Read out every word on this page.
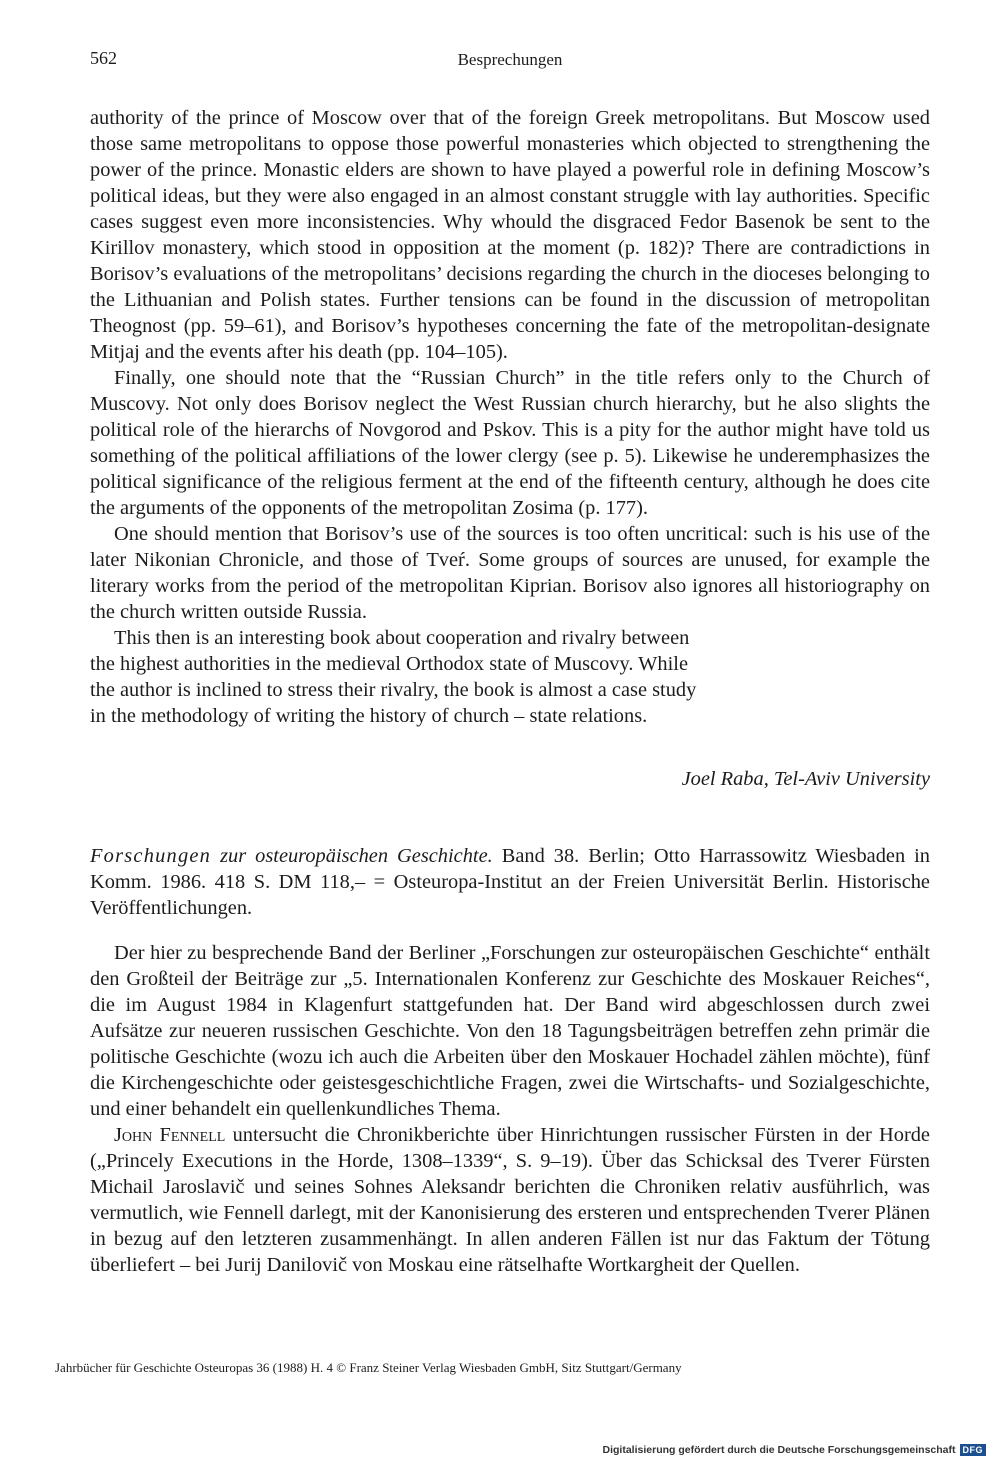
562	Besprechungen

authority of the prince of Moscow over that of the foreign Greek metropolitans. But Moscow used those same metropolitans to oppose those powerful monasteries which objected to strengthening the power of the prince. Monastic elders are shown to have played a powerful role in defining Moscow’s political ideas, but they were also engaged in an almost constant struggle with lay authorities. Specific cases suggest even more inconsistencies. Why whould the disgraced Fedor Basenok be sent to the Kirillov monastery, which stood in opposition at the moment (p. 182)? There are contradictions in Borisov’s evaluations of the metropolitans’ decisions regarding the church in the dioceses belonging to the Lithuanian and Polish states. Further tensions can be found in the discussion of metropolitan Theognost (pp. 59–61), and Borisov’s hypotheses concerning the fate of the metropolitan-designate Mitjaj and the events after his death (pp. 104–105).

Finally, one should note that the “Russian Church” in the title refers only to the Church of Muscovy. Not only does Borisov neglect the West Russian church hierarchy, but he also slights the political role of the hierarchs of Novgorod and Pskov. This is a pity for the author might have told us something of the political affiliations of the lower clergy (see p. 5). Likewise he underemphasizes the political significance of the religious ferment at the end of the fifteenth century, although he does cite the arguments of the opponents of the metropolitan Zosima (p. 177).

One should mention that Borisov’s use of the sources is too often uncritical: such is his use of the later Nikonian Chronicle, and those of Tveŕ. Some groups of sources are unused, for example the literary works from the period of the metropolitan Kiprian. Borisov also ignores all historiography on the church written outside Russia.

This then is an interesting book about cooperation and rivalry between the highest authorities in the medieval Orthodox state of Muscovy. While the author is inclined to stress their rivalry, the book is almost a case study in the methodology of writing the history of church – state relations.

Joel Raba, Tel-Aviv University
Forschungen zur osteuropäischen Geschichte. Band 38. Berlin; Otto Harrassowitz Wiesbaden in Komm. 1986. 418 S. DM 118,– = Osteuropa-Institut an der Freien Universität Berlin. Historische Veröffentlichungen.

Der hier zu besprechende Band der Berliner „Forschungen zur osteuropäischen Geschichte“ enthält den Großteil der Beiträge zur „5. Internationalen Konferenz zur Geschichte des Moskauer Reiches“, die im August 1984 in Klagenfurt stattgefunden hat. Der Band wird abgeschlossen durch zwei Aufsätze zur neueren russischen Geschichte. Von den 18 Tagungsbeiträgen betreffen zehn primär die politische Geschichte (wozu ich auch die Arbeiten über den Moskauer Hochadel zählen möchte), fünf die Kirchengeschichte oder geistesgeschichtliche Fragen, zwei die Wirtschafts- und Sozialgeschichte, und einer behandelt ein quellenkundliches Thema.

John Fennell untersucht die Chronikberichte über Hinrichtungen russischer Fürsten in der Horde („Princely Executions in the Horde, 1308–1339“, S. 9–19). Über das Schicksal des Tverer Fürsten Michail Jaroslavič und seines Sohnes Aleksandr berichten die Chroniken relativ ausführlich, was vermutlich, wie Fennell darlegt, mit der Kanonisierung des ersteren und entsprechenden Tverer Plänen in bezug auf den letzteren zusammenhängt. In allen anderen Fällen ist nur das Faktum der Tötung überliefert – bei Jurij Danilovič von Moskau eine rätselhafte Wortkargheit der Quellen.

Jahrbücher für Geschichte Osteuropas 36 (1988) H. 4 © Franz Steiner Verlag Wiesbaden GmbH, Sitz Stuttgart/Germany
Digitalisierung gefördert durch die Deutsche Forschungsgemeinschaft DFG
